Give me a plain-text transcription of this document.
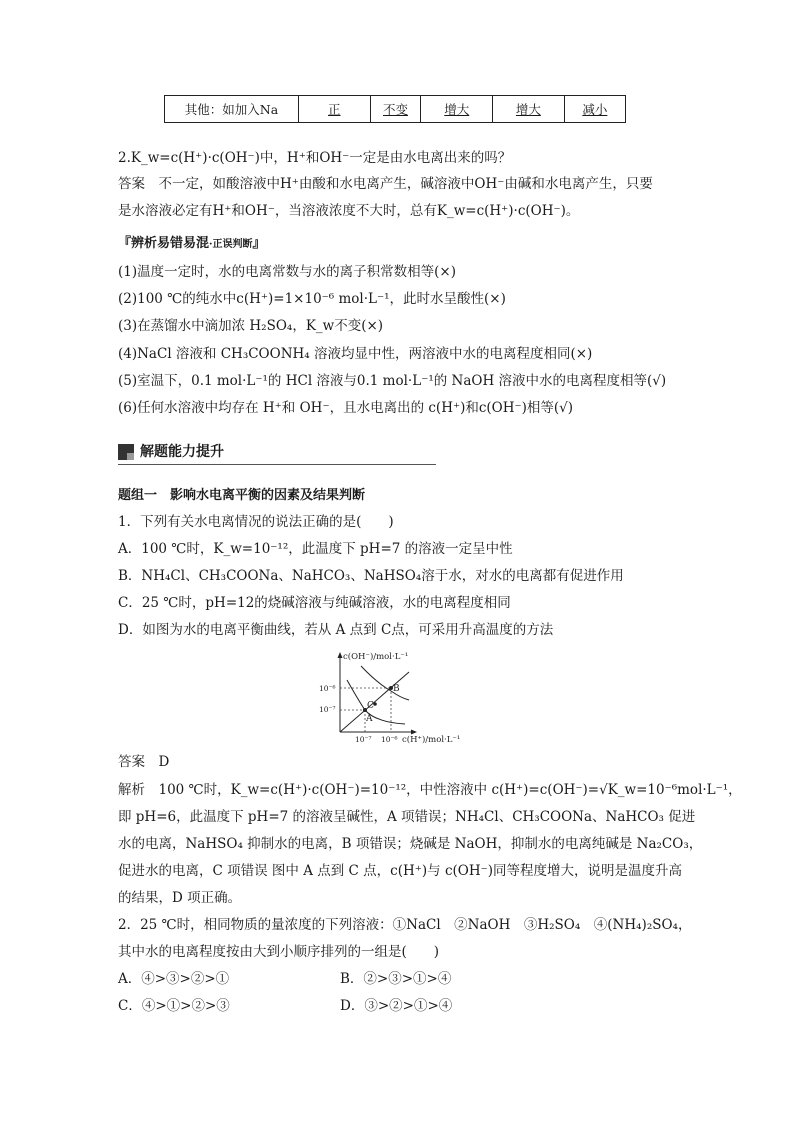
其他：如加入Na	正	不变	增大	增大	减小
2.K_w=c(H⁺)·c(OH⁻)中，H⁺和OH⁻一定是由水电离出来的吗？
答案　不一定，如酸溶液中H⁺由酸和水电离产生，碱溶液中OH⁻由碱和水电离产生，只要
是水溶液必定有H⁺和OH⁻，当溶液浓度不大时，总有K_w=c(H⁺)·c(OH⁻)。
『辨析易错易混·正误判断』
(1)温度一定时，水的电离常数与水的离子积常数相等(×)
(2)100 ℃的纯水中c(H⁺)=1×10⁻⁶ mol·L⁻¹，此时水呈酸性(×)
(3)在蒸馏水中滴加浓 H₂SO₄，K_w不变(×)
(4)NaCl 溶液和 CH₃COONH₄ 溶液均显中性，两溶液中水的电离程度相同(×)
(5)室温下，0.1 mol·L⁻¹的 HCl 溶液与0.1 mol·L⁻¹的 NaOH 溶液中水的电离程度相等(√)
(6)任何水溶液中均存在 H⁺和 OH⁻，且水电离出的 c(H⁺)和c(OH⁻)相等(√)
解题能力提升
题组一　影响水电离平衡的因素及结果判断
1．下列有关水电离情况的说法正确的是(　　)
A．100 ℃时，K_w=10⁻¹²，此温度下 pH=7 的溶液一定呈中性
B．NH₄Cl、CH₃COONa、NaHCO₃、NaHSO₄溶于水，对水的电离都有促进作用
C．25 ℃时，pH=12的烧碱溶液与纯碱溶液，水的电离程度相同
D．如图为水的电离平衡曲线，若从 A 点到 C点，可采用升高温度的方法
c(OH⁻)/mol·L⁻¹
c(H⁺)/mol·L⁻¹
A
B
C
10⁻⁶
10⁻⁷
10⁻⁷ 10⁻⁶
答案　D
解析　100 ℃时，K_w=c(H⁺)·c(OH⁻)=10⁻¹²，中性溶液中 c(H⁺)=c(OH⁻)=√K_w=10⁻⁶mol·L⁻¹，
即 pH=6，此温度下 pH=7 的溶液呈碱性，A 项错误；NH₄Cl、CH₃COONa、NaHCO₃ 促进
水的电离，NaHSO₄ 抑制水的电离，B 项错误；烧碱是 NaOH，抑制水的电离纯碱是 Na₂CO₃，
促进水的电离，C 项错误 图中 A 点到 C 点，c(H⁺)与 c(OH⁻)同等程度增大，说明是温度升高
的结果，D 项正确。
2．25 ℃时，相同物质的量浓度的下列溶液：①NaCl　②NaOH　③H₂SO₄　④(NH₄)₂SO₄，
其中水的电离程度按由大到小顺序排列的一组是(　　)
A．④>③>②>①	B．②>③>①>④
C．④>①>②>③	D．③>②>①>④
